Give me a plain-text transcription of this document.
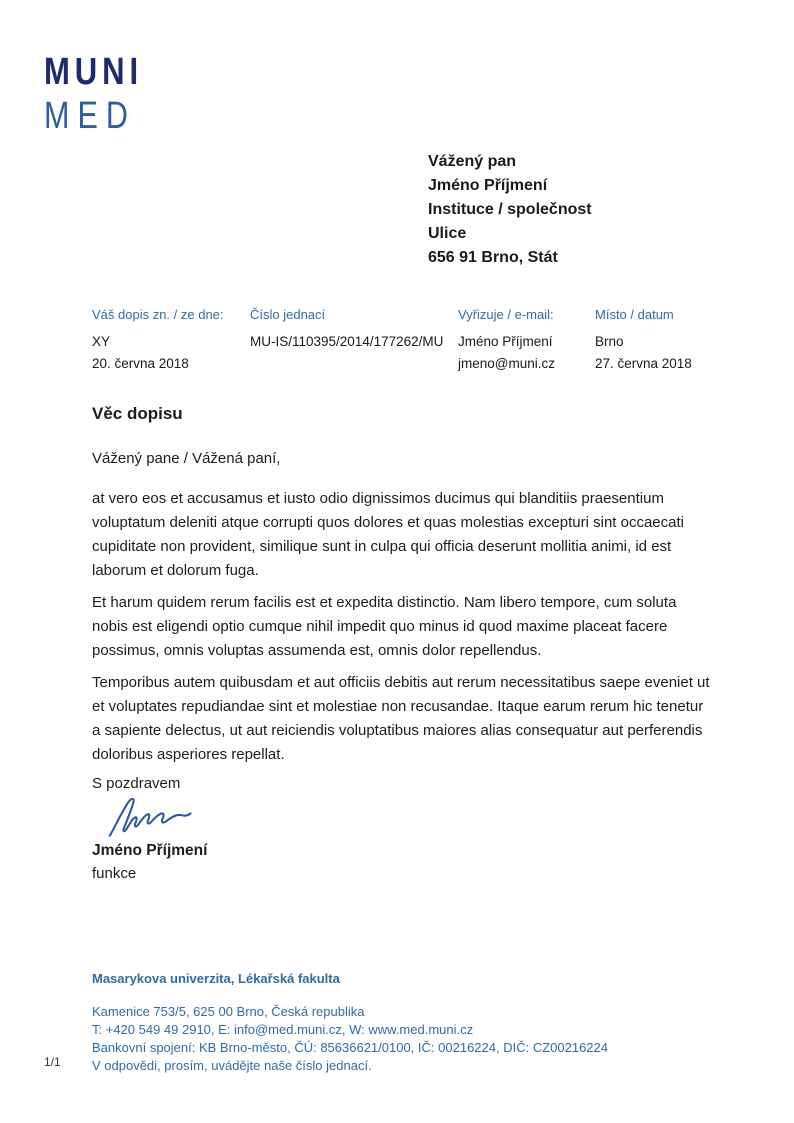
MUNI
MED
Vážený pan
Jméno Příjmení
Instituce / společnost
Ulice
656 91 Brno, Stát
Váš dopis zn. / ze dne:
XY
20. června 2018
Číslo jednací
MU-IS/110395/2014/177262/MU
Vyřizuje / e-mail:
Jméno Příjmení
jmeno@muni.cz
Místo / datum
Brno
27. června 2018
Věc dopisu
Vážený pane / Vážená paní,

at vero eos et accusamus et iusto odio dignissimos ducimus qui blanditiis praesentium voluptatum deleniti atque corrupti quos dolores et quas molestias excepturi sint occaecati cupiditate non provident, similique sunt in culpa qui officia deserunt mollitia animi, id est laborum et dolorum fuga.

Et harum quidem rerum facilis est et expedita distinctio. Nam libero tempore, cum soluta nobis est eligendi optio cumque nihil impedit quo minus id quod maxime placeat facere possimus, omnis voluptas assumenda est, omnis dolor repellendus.

Temporibus autem quibusdam et aut officiis debitis aut rerum necessitatibus saepe eveniet ut et voluptates repudiandae sint et molestiae non recusandae. Itaque earum rerum hic tenetur a sapiente delectus, ut aut reiciendis voluptatibus maiores alias consequatur aut perferendis doloribus asperiores repellat.

S pozdravem
Jméno Příjmení
funkce
Masarykova univerzita, Lékařská fakulta
Kamenice 753/5, 625 00 Brno, Česká republika
T: +420 549 49 2910, E: info@med.muni.cz, W: www.med.muni.cz
Bankovní spojení: KB Brno-město, ČÚ: 85636621/0100, IČ: 00216224, DIČ: CZ00216224
V odpovědi, prosím, uvádějte naše číslo jednací.
1/1
